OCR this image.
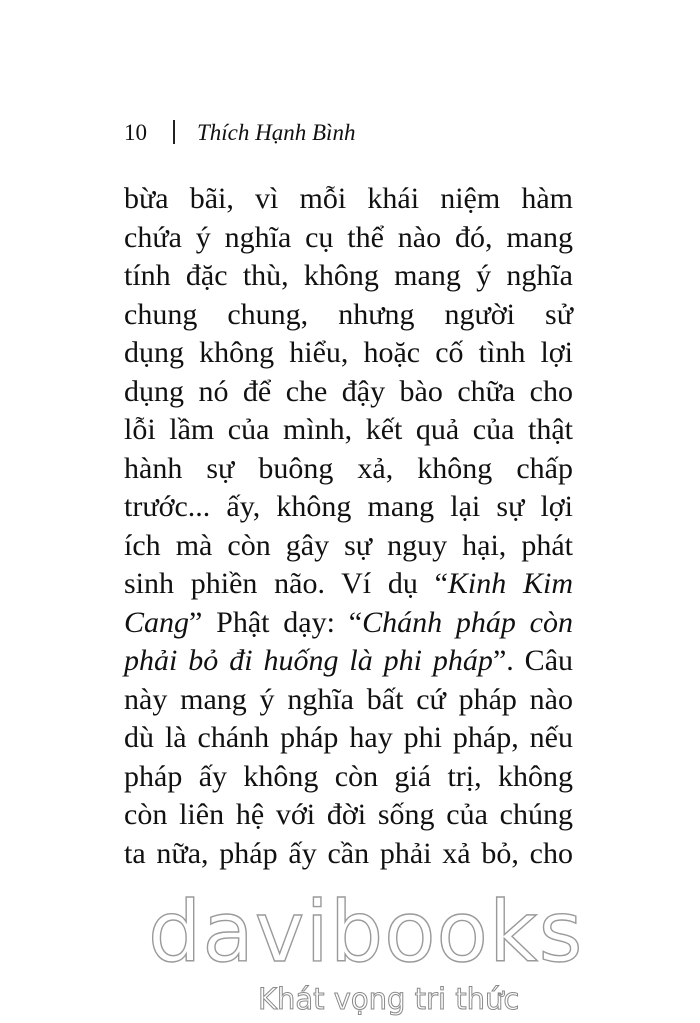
10 Thích Hạnh Bình
bừa bãi, vì mỗi khái niệm hàm
chứa ý nghĩa cụ thể nào đó, mang
tính đặc thù, không mang ý nghĩa
chung chung, nhưng người sử
dụng không hiểu, hoặc cố tình lợi
dụng nó để che đậy bào chữa cho
lỗi lầm của mình, kết quả của thật
hành sự buông xả, không chấp
trước... ấy, không mang lại sự lợi
ích mà còn gây sự nguy hại, phát
sinh phiền não. Ví dụ “Kinh Kim
Cang” Phật dạy: “Chánh pháp còn
phải bỏ đi huống là phi pháp”. Câu
này mang ý nghĩa bất cứ pháp nào
dù là chánh pháp hay phi pháp, nếu
pháp ấy không còn giá trị, không
còn liên hệ với đời sống của chúng
ta nữa, pháp ấy cần phải xả bỏ, cho
davibooks
Khát vọng tri thức
